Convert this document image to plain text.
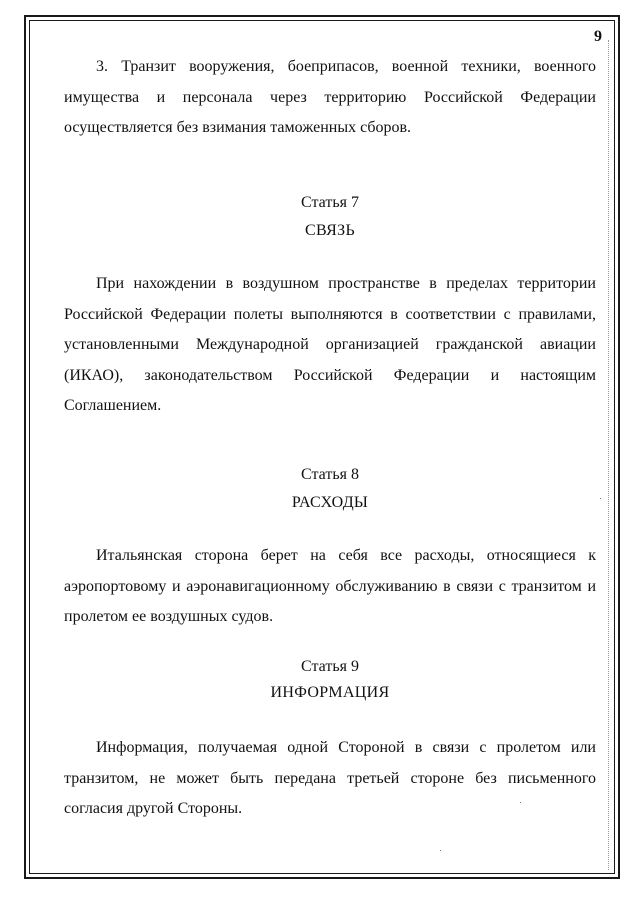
9

3. Транзит вооружения, боеприпасов, военной техники, военного имущества и персонала через территорию Российской Федерации осуществляется без взимания таможенных сборов.

Статья 7

СВЯЗЬ

При нахождении в воздушном пространстве в пределах территории Российской Федерации полеты выполняются в соответствии с правилами, установленными Международной организацией гражданской авиации (ИКАО), законодательством Российской Федерации и настоящим Соглашением.

Статья 8

РАСХОДЫ

Итальянская сторона берет на себя все расходы, относящиеся к аэропортовому и аэронавигационному обслуживанию в связи с транзитом и пролетом ее воздушных судов.

Статья 9

ИНФОРМАЦИЯ

Информация, получаемая одной Стороной в связи с пролетом или транзитом, не может быть передана третьей стороне без письменного согласия другой Стороны.
